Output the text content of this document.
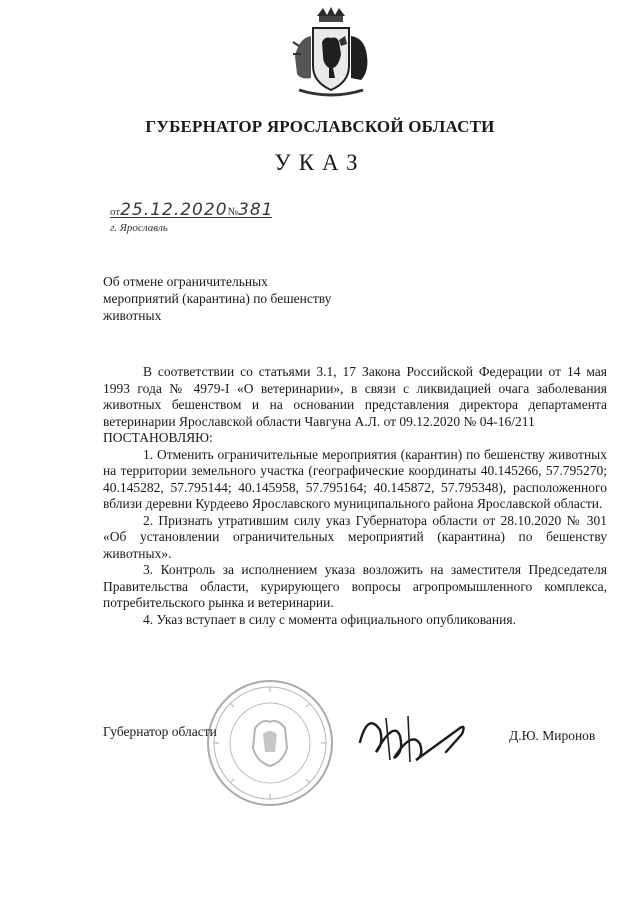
ГУБЕРНАТОР ЯРОСЛАВСКОЙ ОБЛАСТИ
УКАЗ
от25.12.2020№381
г. Ярославль
Об отмене ограничительных мероприятий (карантина) по бешенству животных

В соответствии со статьями 3.1, 17 Закона Российской Федерации от 14 мая 1993 года № 4979-I «О ветеринарии», в связи с ликвидацией очага заболевания животных бешенством и на основании представления директора департамента ветеринарии Ярославской области Чавгуна А.Л. от 09.12.2020 № 04-16/211

ПОСТАНОВЛЯЮ:

1. Отменить ограничительные мероприятия (карантин) по бешенству животных на территории земельного участка (географические координаты 40.145266, 57.795270; 40.145282, 57.795144; 40.145958, 57.795164; 40.145872, 57.795348), расположенного вблизи деревни Курдеево Ярославского муниципального района Ярославской области.

2. Признать утратившим силу указ Губернатора области от 28.10.2020 № 301 «Об установлении ограничительных мероприятий (карантина) по бешенству животных».

3. Контроль за исполнением указа возложить на заместителя Председателя Правительства области, курирующего вопросы агропромышленного комплекса, потребительского рынка и ветеринарии.

4. Указ вступает в силу с момента официального опубликования.

Губернатор области	Д.Ю. Миронов
